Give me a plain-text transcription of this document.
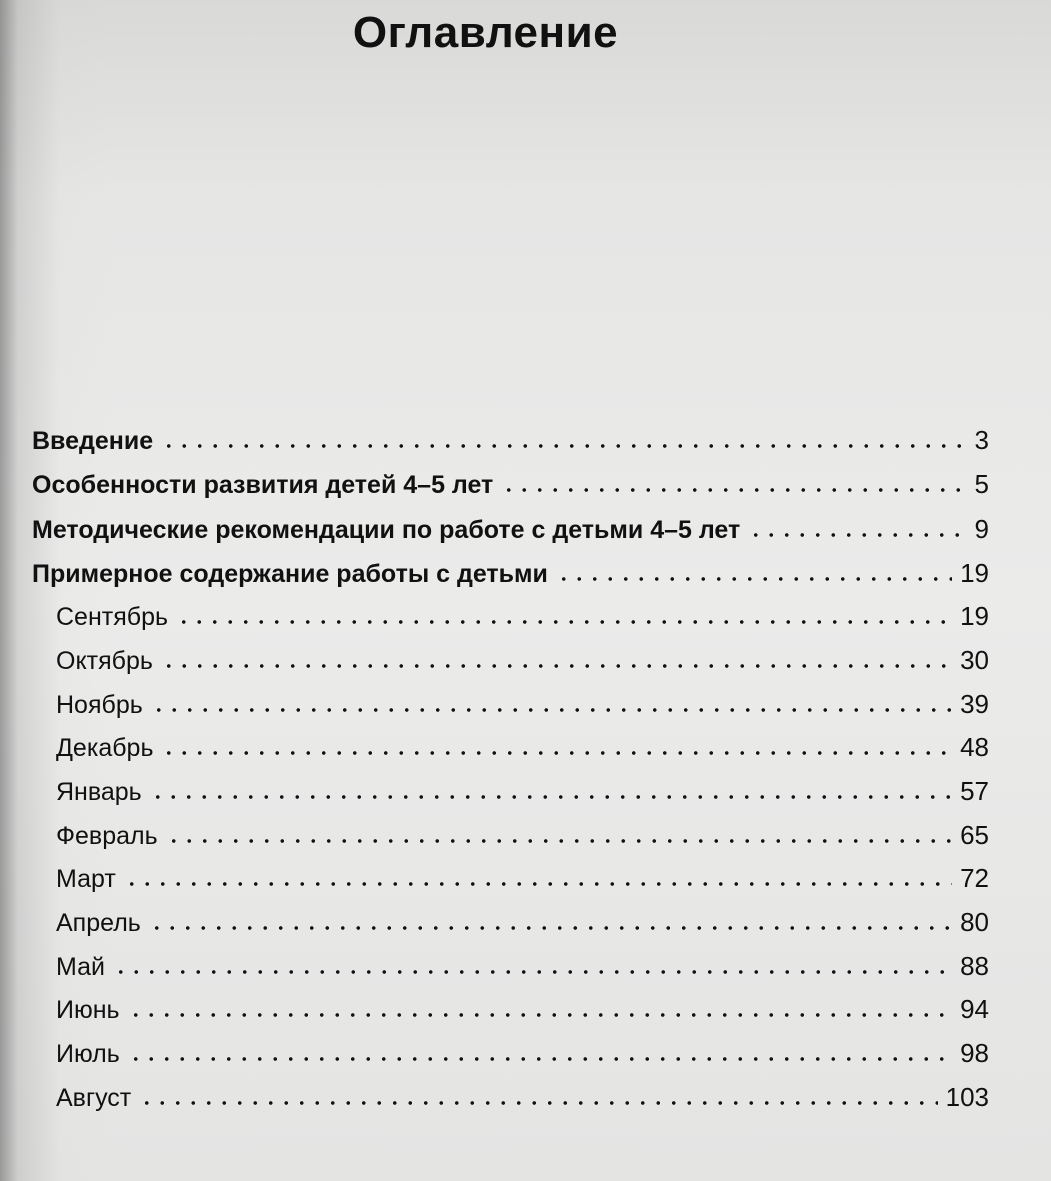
Оглавление
Введение	3
Особенности развития детей 4–5 лет	5
Методические рекомендации по работе с детьми 4–5 лет	9
Примерное содержание работы с детьми	19
Сентябрь	19
Октябрь	30
Ноябрь	39
Декабрь	48
Январь	57
Февраль	65
Март	72
Апрель	80
Май	88
Июнь	94
Июль	98
Август	103
